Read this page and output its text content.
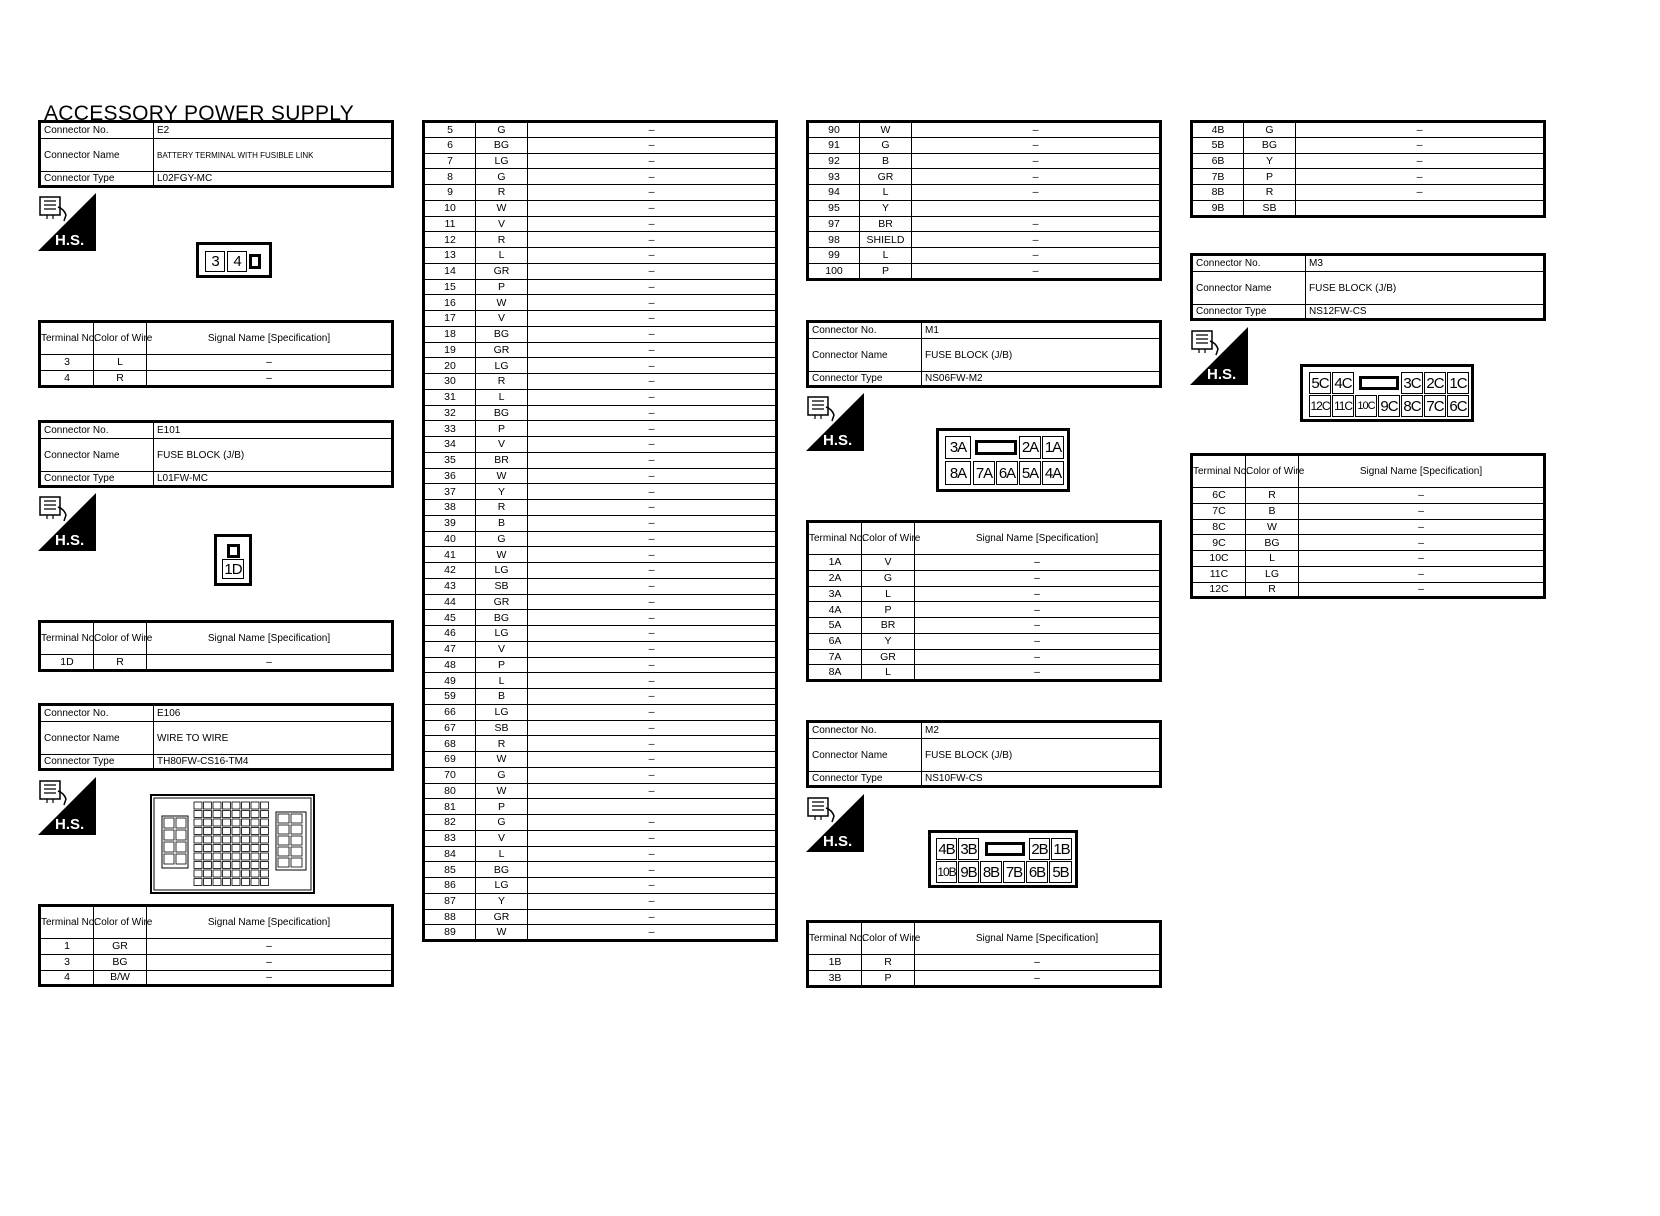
ACCESSORY POWER SUPPLY
Connector No.	E2
Connector Name	BATTERY TERMINAL WITH FUSIBLE LINK
Connector Type	L02FGY-MC
H.S.
3 4
Terminal No.	Color of Wire	Signal Name [Specification]
3	L	–
4	R	–
Connector No.	E101
Connector Name	FUSE BLOCK (J/B)
Connector Type	L01FW-MC
H.S.
1D
Terminal No.	Color of Wire	Signal Name [Specification]
1D	R	–
Connector No.	E106
Connector Name	WIRE TO WIRE
Connector Type	TH80FW-CS16-TM4
H.S.
Terminal No.	Color of Wire	Signal Name [Specification]
1	GR	–
3	BG	–
4	B/W	–
5	G	–
6	BG	–
7	LG	–
8	G	–
9	R	–
10	W	–
11	V	–
12	R	–
13	L	–
14	GR	–
15	P	–
16	W	–
17	V	–
18	BG	–
19	GR	–
20	LG	–
30	R	–
31	L	–
32	BG	–
33	P	–
34	V	–
35	BR	–
36	W	–
37	Y	–
38	R	–
39	B	–
40	G	–
41	W	–
42	LG	–
43	SB	–
44	GR	–
45	BG	–
46	LG	–
47	V	–
48	P	–
49	L	–
59	B	–
66	LG	–
67	SB	–
68	R	–
69	W	–
70	G	–
80	W	–
81	P	
82	G	–
83	V	–
84	L	–
85	BG	–
86	LG	–
87	Y	–
88	GR	–
89	W	–
90	W	–
91	G	–
92	B	–
93	GR	–
94	L	–
95	Y	
97	BR	–
98	SHIELD	–
99	L	–
100	P	–
Connector No.	M1
Connector Name	FUSE BLOCK (J/B)
Connector Type	NS06FW-M2
H.S.	3A	2A 1A
8A 7A 6A 5A 4A
Terminal No.	Color of Wire	Signal Name [Specification]
1A	V	–
2A	G	–
3A	L	–
4A	P	–
5A	BR	–
6A	Y	–
7A	GR	–
8A	L	–
Connector No.	M2
Connector Name	FUSE BLOCK (J/B)
Connector Type	NS10FW-CS
H.S.	4B 3B	2B 1B
10B 9B 8B 7B 6B 5B
Terminal No.	Color of Wire	Signal Name [Specification]
1B	R	–
3B	P	–
4B	G	–
5B	BG	–
6B	Y	–
7B	P	–
8B	R	–
9B	SB	
Connector No.	M3
Connector Name	FUSE BLOCK (J/B)
Connector Type	NS12FW-CS
H.S.	5C 4C	3C 2C 1C
12C 11C 10C 9C 8C 7C 6C
Terminal No.	Color of Wire	Signal Name [Specification]
6C	R	–
7C	B	–
8C	W	–
9C	BG	–
10C	L	–
11C	LG	–
12C	R	–
